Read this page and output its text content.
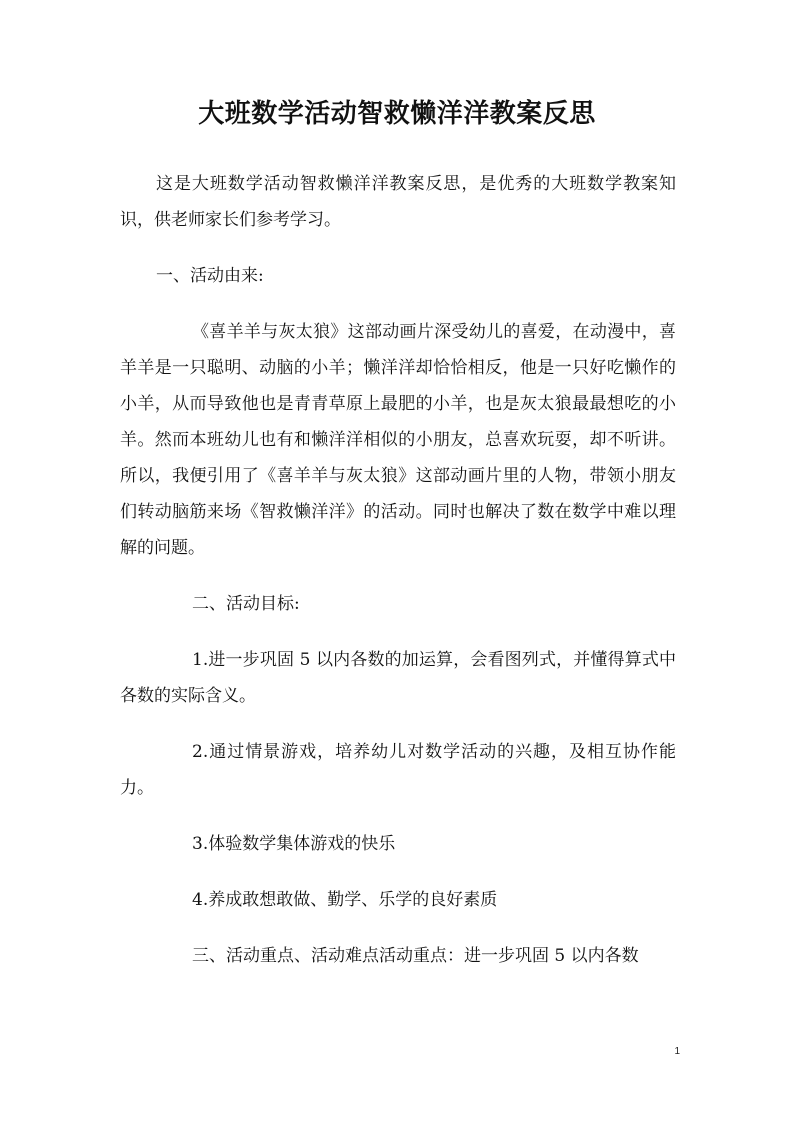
大班数学活动智救懒洋洋教案反思

这是大班数学活动智救懒洋洋教案反思，是优秀的大班数学教案知识，供老师家长们参考学习。

一、活动由来:

《喜羊羊与灰太狼》这部动画片深受幼儿的喜爱，在动漫中，喜羊羊是一只聪明、动脑的小羊；懒洋洋却恰恰相反，他是一只好吃懒作的小羊，从而导致他也是青青草原上最肥的小羊，也是灰太狼最最想吃的小羊。然而本班幼儿也有和懒洋洋相似的小朋友，总喜欢玩耍，却不听讲。所以，我便引用了《喜羊羊与灰太狼》这部动画片里的人物，带领小朋友们转动脑筋来场《智救懒洋洋》的活动。同时也解决了数在数学中难以理解的问题。

二、活动目标:

1.进一步巩固 5 以内各数的加运算，会看图列式，并懂得算式中各数的实际含义。

2.通过情景游戏，培养幼儿对数学活动的兴趣，及相互协作能力。

3.体验数学集体游戏的快乐

4.养成敢想敢做、勤学、乐学的良好素质

三、活动重点、活动难点活动重点：进一步巩固 5 以内各数

1
